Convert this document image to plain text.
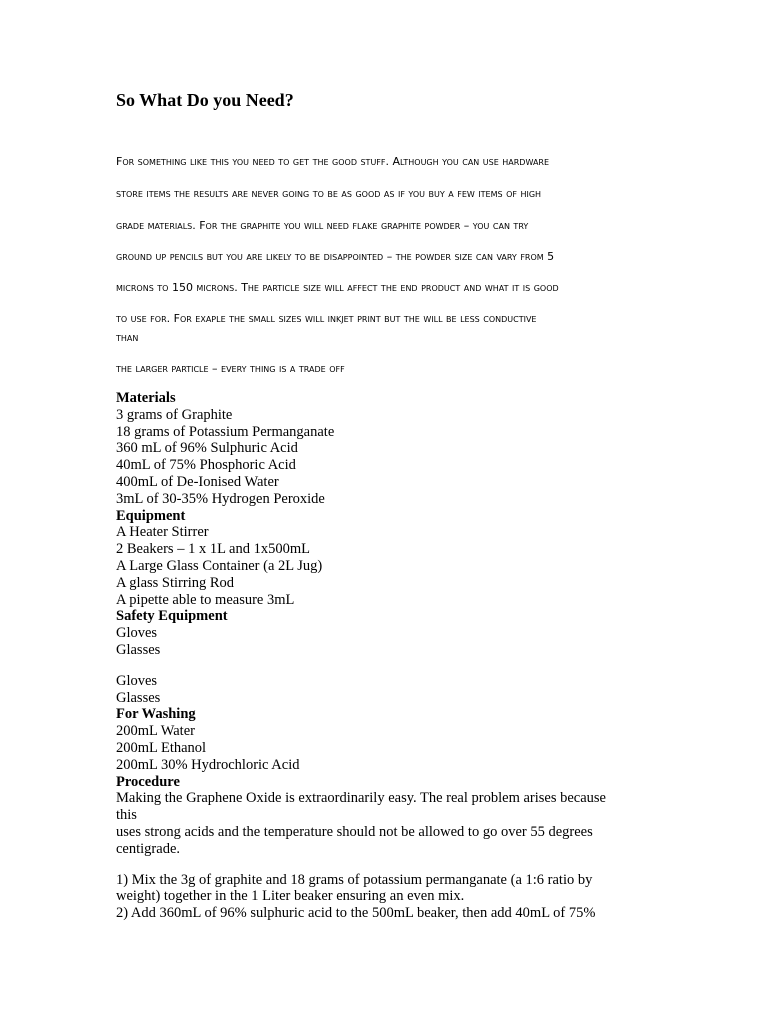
So What Do you Need?
For something like this you need to get the good stuff. Although you can use hardware
store items the results are never going to be as good as if you buy a few items of high
grade materials. For the graphite you will need flake graphite powder – you can try
ground up pencils but you are likely to be disappointed – the powder size can vary from 5
microns to 150 microns. The particle size will affect the end product and what it is good
to use for. For exaple the small sizes will inkjet print but the will be less conductive
than
the larger particle – every thing is a trade off
Materials
3 grams of Graphite
18 grams of Potassium Permanganate
360 mL of 96% Sulphuric Acid
40mL of 75% Phosphoric Acid
400mL of De-Ionised Water
3mL of 30-35% Hydrogen Peroxide
Equipment
A Heater Stirrer
2 Beakers – 1 x 1L and 1x500mL
A Large Glass Container (a 2L Jug)
A glass Stirring Rod
A pipette able to measure 3mL
Safety Equipment
Gloves
Glasses
Gloves
Glasses
For Washing
200mL Water
200mL Ethanol
200mL 30% Hydrochloric Acid
Procedure
Making the Graphene Oxide is extraordinarily easy. The real problem arises because
this
uses strong acids and the temperature should not be allowed to go over 55 degrees
centigrade.
1) Mix the 3g of graphite and 18 grams of potassium permanganate (a 1:6 ratio by
weight) together in the 1 Liter beaker ensuring an even mix.
2) Add 360mL of 96% sulphuric acid to the 500mL beaker, then add 40mL of 75%
